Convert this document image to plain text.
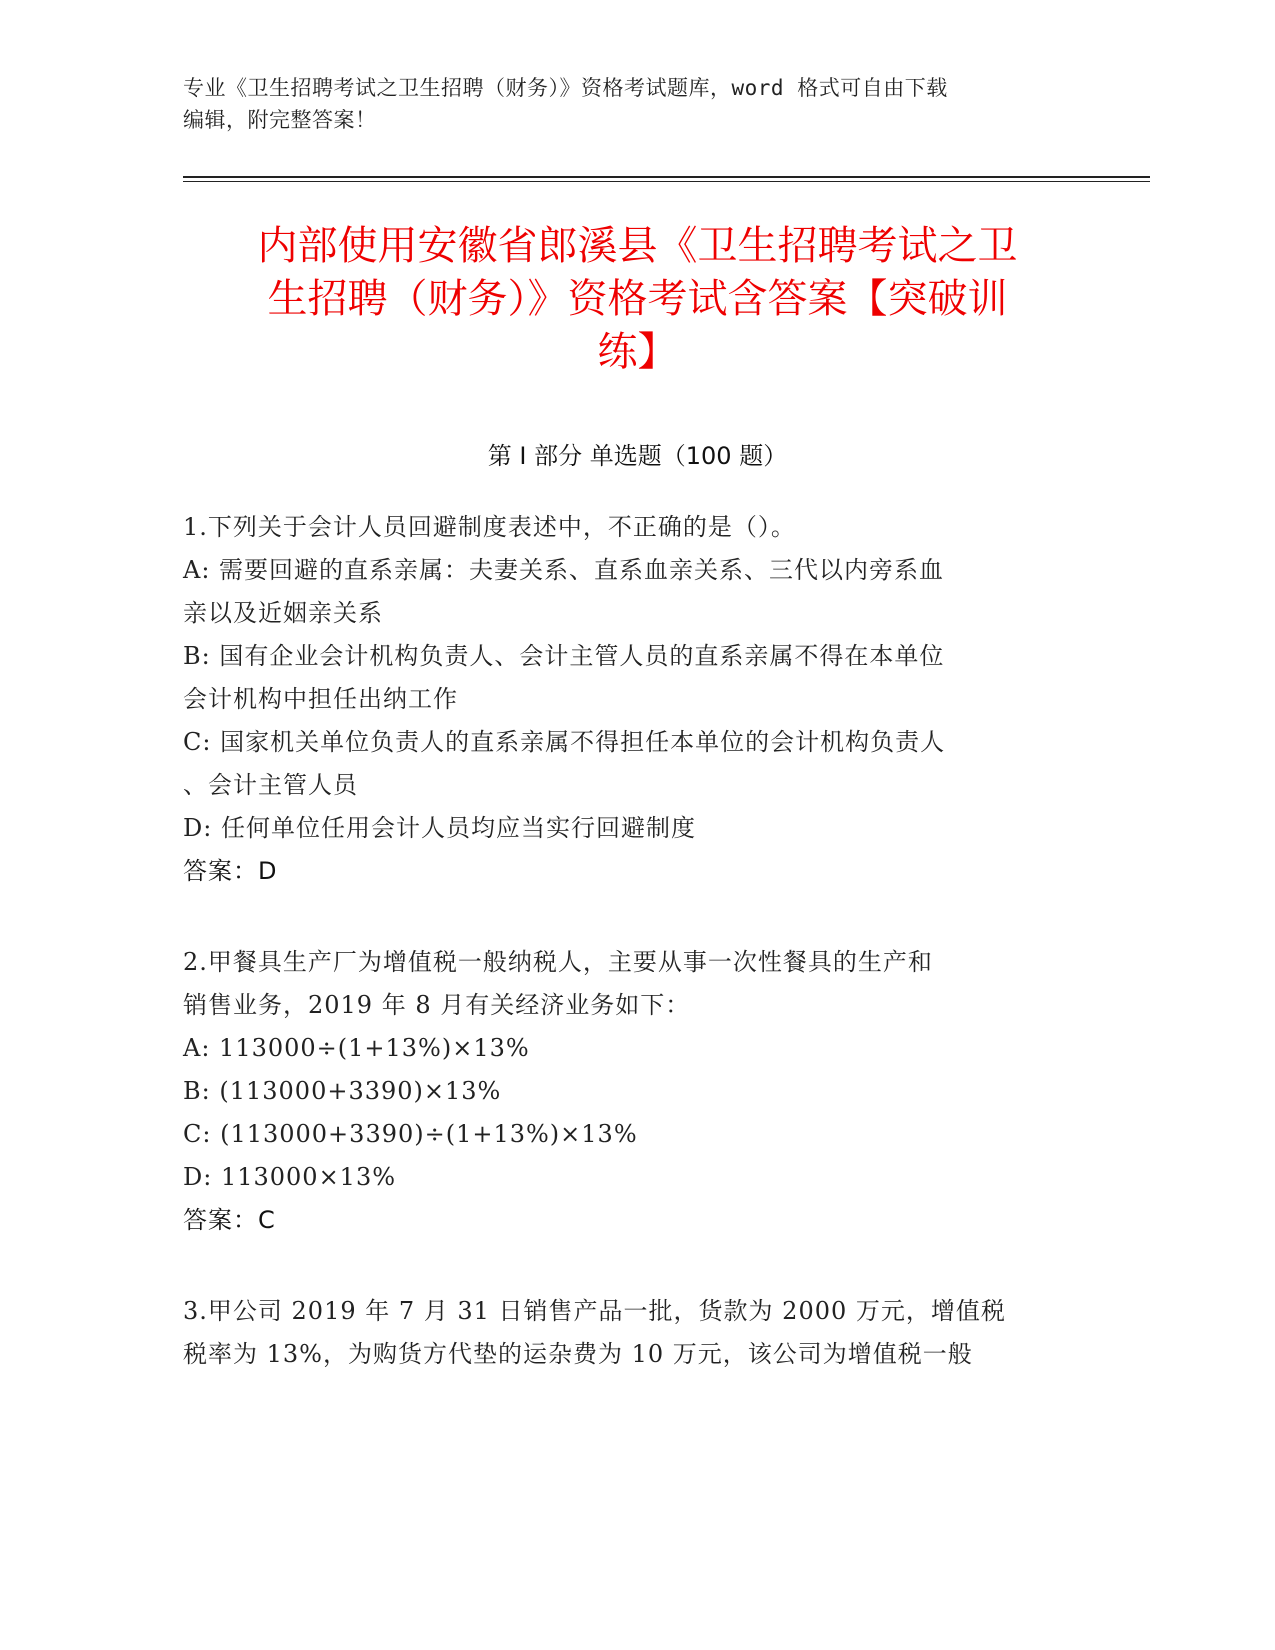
专业《卫生招聘考试之卫生招聘（财务）》资格考试题库，word 格式可自由下载
编辑，附完整答案！
内部使用安徽省郎溪县《卫生招聘考试之卫
生招聘（财务）》资格考试含答案【突破训
练】
第 I 部分 单选题（100 题）

1.下列关于会计人员回避制度表述中，不正确的是（）。

A: 需要回避的直系亲属：夫妻关系、直系血亲关系、三代以内旁系血

亲以及近姻亲关系

B: 国有企业会计机构负责人、会计主管人员的直系亲属不得在本单位

会计机构中担任出纳工作

C: 国家机关单位负责人的直系亲属不得担任本单位的会计机构负责人

、会计主管人员

D: 任何单位任用会计人员均应当实行回避制度

答案：D

2.甲餐具生产厂为增值税一般纳税人，主要从事一次性餐具的生产和

销售业务，2019 年 8 月有关经济业务如下：

A: 113000÷(1+13%)×13%

B: (113000+3390)×13%

C: (113000+3390)÷(1+13%)×13%

D: 113000×13%

答案：C

3.甲公司 2019 年 7 月 31 日销售产品一批，货款为 2000 万元，增值税

税率为 13%，为购货方代垫的运杂费为 10 万元，该公司为增值税一般
